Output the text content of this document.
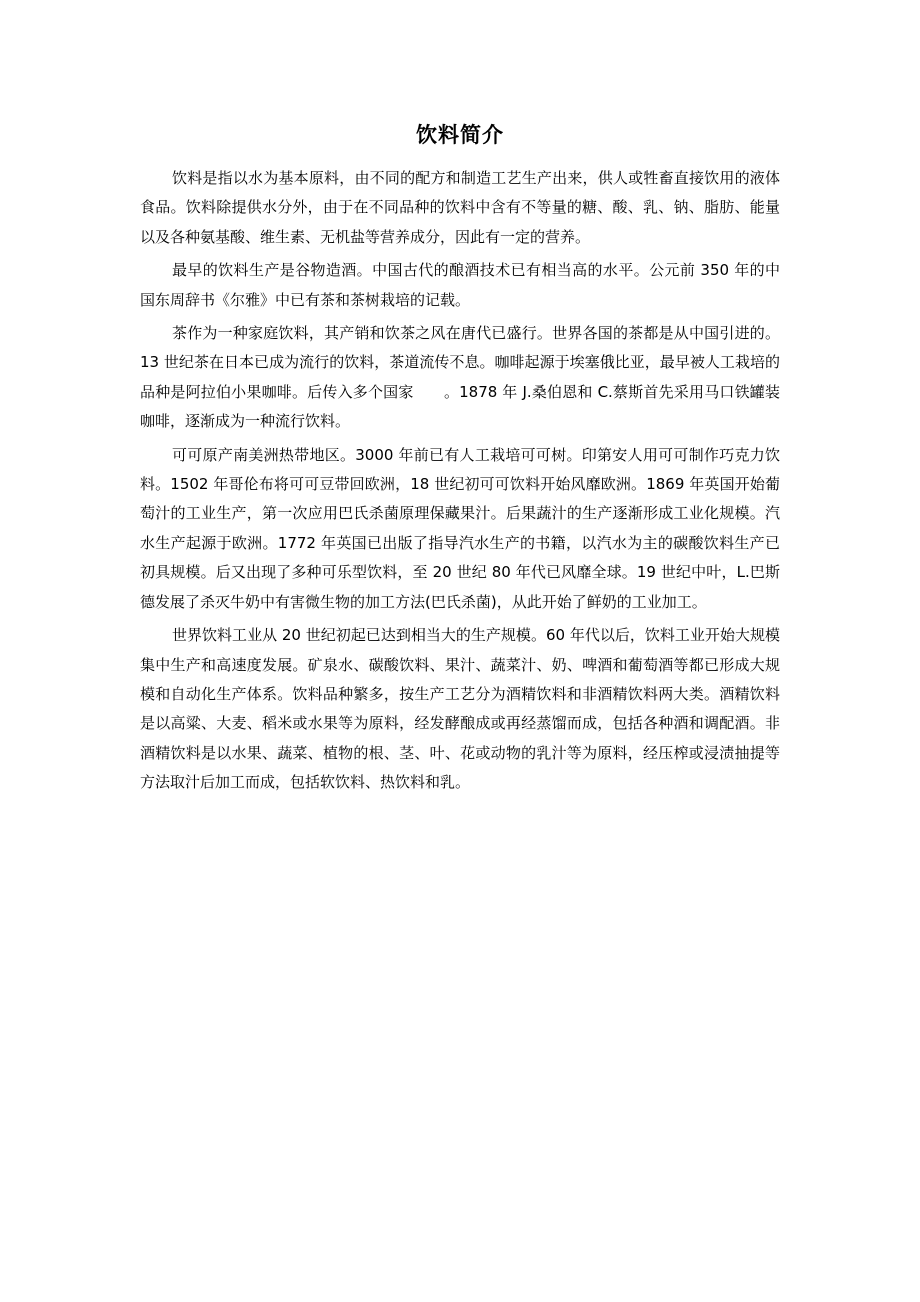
饮料简介

饮料是指以水为基本原料，由不同的配方和制造工艺生产出来，供人或牲畜直接饮用的液体食品。饮料除提供水分外，由于在不同品种的饮料中含有不等量的糖、酸、乳、钠、脂肪、能量以及各种氨基酸、维生素、无机盐等营养成分，因此有一定的营养。

最早的饮料生产是谷物造酒。中国古代的酿酒技术已有相当高的水平。公元前 350 年的中国东周辞书《尔雅》中已有茶和茶树栽培的记载。

茶作为一种家庭饮料，其产销和饮茶之风在唐代已盛行。世界各国的茶都是从中国引进的。13 世纪茶在日本已成为流行的饮料，茶道流传不息。咖啡起源于埃塞俄比亚，最早被人工栽培的品种是阿拉伯小果咖啡。后传入多个国家　　。1878 年 J.桑伯恩和 C.蔡斯首先采用马口铁罐装咖啡，逐渐成为一种流行饮料。

可可原产南美洲热带地区。3000 年前已有人工栽培可可树。印第安人用可可制作巧克力饮料。1502 年哥伦布将可可豆带回欧洲，18 世纪初可可饮料开始风靡欧洲。1869 年英国开始葡萄汁的工业生产，第一次应用巴氏杀菌原理保藏果汁。后果蔬汁的生产逐渐形成工业化规模。汽水生产起源于欧洲。1772 年英国已出版了指导汽水生产的书籍，以汽水为主的碳酸饮料生产已初具规模。后又出现了多种可乐型饮料，至 20 世纪 80 年代已风靡全球。19 世纪中叶，L.巴斯德发展了杀灭牛奶中有害微生物的加工方法(巴氏杀菌)，从此开始了鲜奶的工业加工。

世界饮料工业从 20 世纪初起已达到相当大的生产规模。60 年代以后，饮料工业开始大规模集中生产和高速度发展。矿泉水、碳酸饮料、果汁、蔬菜汁、奶、啤酒和葡萄酒等都已形成大规模和自动化生产体系。饮料品种繁多，按生产工艺分为酒精饮料和非酒精饮料两大类。酒精饮料是以高粱、大麦、稻米或水果等为原料，经发酵酿成或再经蒸馏而成，包括各种酒和调配酒。非酒精饮料是以水果、蔬菜、植物的根、茎、叶、花或动物的乳汁等为原料，经压榨或浸渍抽提等方法取汁后加工而成，包括软饮料、热饮料和乳。
